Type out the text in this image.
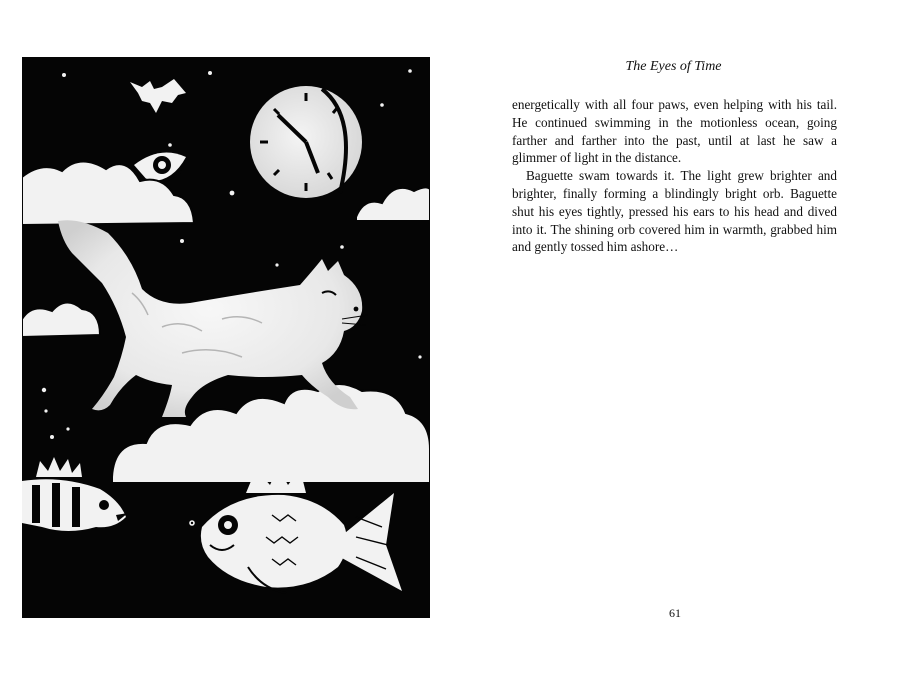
The Eyes of Time

energetically with all four paws, even helping with his tail. He continued swimming in the motionless ocean, going farther and farther into the past, until at last he saw a glimmer of light in the distance.

Baguette swam towards it. The light grew brighter and brighter, finally forming a blindingly bright orb. Baguette shut his eyes tightly, pressed his ears to his head and dived into it. The shining orb covered him in warmth, grabbed him and gently tossed him ashore…

61
